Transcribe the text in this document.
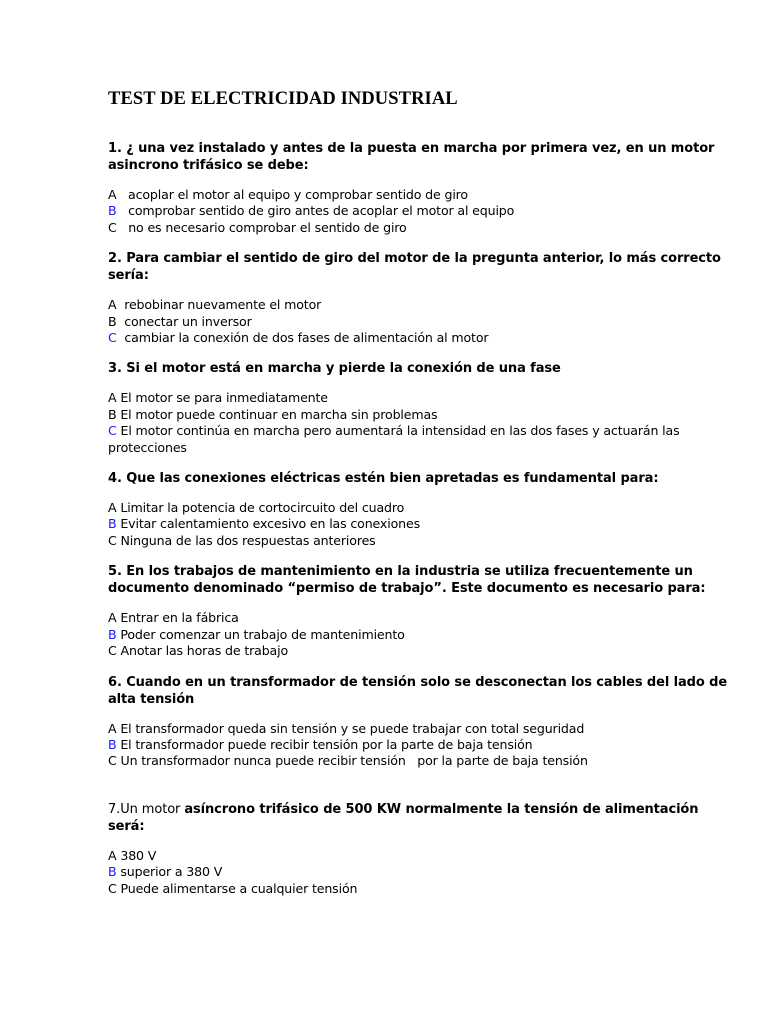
TEST DE ELECTRICIDAD INDUSTRIAL

1. ¿ una vez instalado y antes de la puesta en marcha por primera vez, en un motor asincrono trifásico se debe:

A acoplar el motor al equipo y comprobar sentido de giro
B comprobar sentido de giro antes de acoplar el motor al equipo
C no es necesario comprobar el sentido de giro

2. Para cambiar el sentido de giro del motor de la pregunta anterior, lo más correcto sería:

A rebobinar nuevamente el motor
B conectar un inversor
C cambiar la conexión de dos fases de alimentación al motor

3. Si el motor está en marcha y pierde la conexión de una fase

A El motor se para inmediatamente
B El motor puede continuar en marcha sin problemas
C El motor continúa en marcha pero aumentará la intensidad en las dos fases y actuarán las protecciones

4. Que las conexiones eléctricas estén bien apretadas es fundamental para:

A Limitar la potencia de cortocircuito del cuadro
B Evitar calentamiento excesivo en las conexiones
C Ninguna de las dos respuestas anteriores

5. En los trabajos de mantenimiento en la industria se utiliza frecuentemente un documento denominado “permiso de trabajo”. Este documento es necesario para:

A Entrar en la fábrica
B Poder comenzar un trabajo de mantenimiento
C Anotar las horas de trabajo

6. Cuando en un transformador de tensión solo se desconectan los cables del lado de alta tensión

A El transformador queda sin tensión y se puede trabajar con total seguridad
B El transformador puede recibir tensión por la parte de baja tensión
C Un transformador nunca puede recibir tensión   por la parte de baja tensión

7.Un motor asíncrono trifásico de 500 KW normalmente la tensión de alimentación será:

A 380 V
B superior a 380 V
C Puede alimentarse a cualquier tensión
